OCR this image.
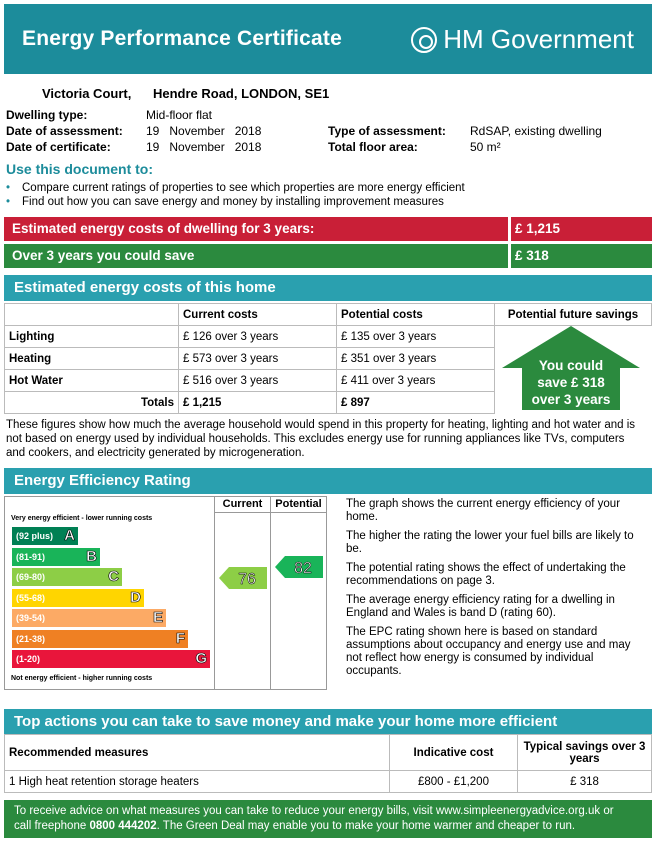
Energy Performance Certificate	HM Government
Victoria Court, Hendre Road, LONDON, SE1
Dwelling type:	Mid-floor flat
Date of assessment: 19   November   2018
Date of certificate:	19   November   2018
Type of assessment: RdSAP, existing dwelling
Total floor area:	50 m²
Use this document to:
• Compare current ratings of properties to see which properties are more energy efficient
• Find out how you can save energy and money by installing improvement measures
Estimated energy costs of dwelling for 3 years:	£ 1,215
Over 3 years you could save	£ 318
Estimated energy costs of this home
	Current costs	Potential costs	Potential future savings
Lighting	£ 126 over 3 years	£ 135 over 3 years	
Heating	£ 573 over 3 years	£ 351 over 3 years	
Hot Water	£ 516 over 3 years	£ 411 over 3 years	
Totals	£ 1,215	£ 897	
You could
save £ 318
over 3 years
These figures show how much the average household would spend in this property for heating, lighting and hot water and is not based on energy used by individual households. This excludes energy use for running appliances like TVs, computers and cookers, and electricity generated by microgeneration.
Energy Efficiency Rating
Current	Potential
Very energy efficient - lower running costs
(92 plus) A
(81-91)	B
(69-80)	C
(55-68)	D
(39-54)	E
(21-38)	F
(1-20)	G
Not energy efficient - higher running costs
76
82

The graph shows the current energy efficiency of your home.

The higher the rating the lower your fuel bills are likely to be.

The potential rating shows the effect of undertaking the recommendations on page 3.

The average energy efficiency rating for a dwelling in England and Wales is band D (rating 60).

The EPC rating shown here is based on standard assumptions about occupancy and energy use and may not reflect how energy is consumed by individual occupants.

Top actions you can take to save money and make your home more efficient
Recommended measures	Indicative cost	Typical savings over 3 years
1 High heat retention storage heaters	£800 - £1,200	£ 318
To receive advice on what measures you can take to reduce your energy bills, visit www.simpleenergyadvice.org.uk or
call freephone 0800 444202. The Green Deal may enable you to make your home warmer and cheaper to run.
